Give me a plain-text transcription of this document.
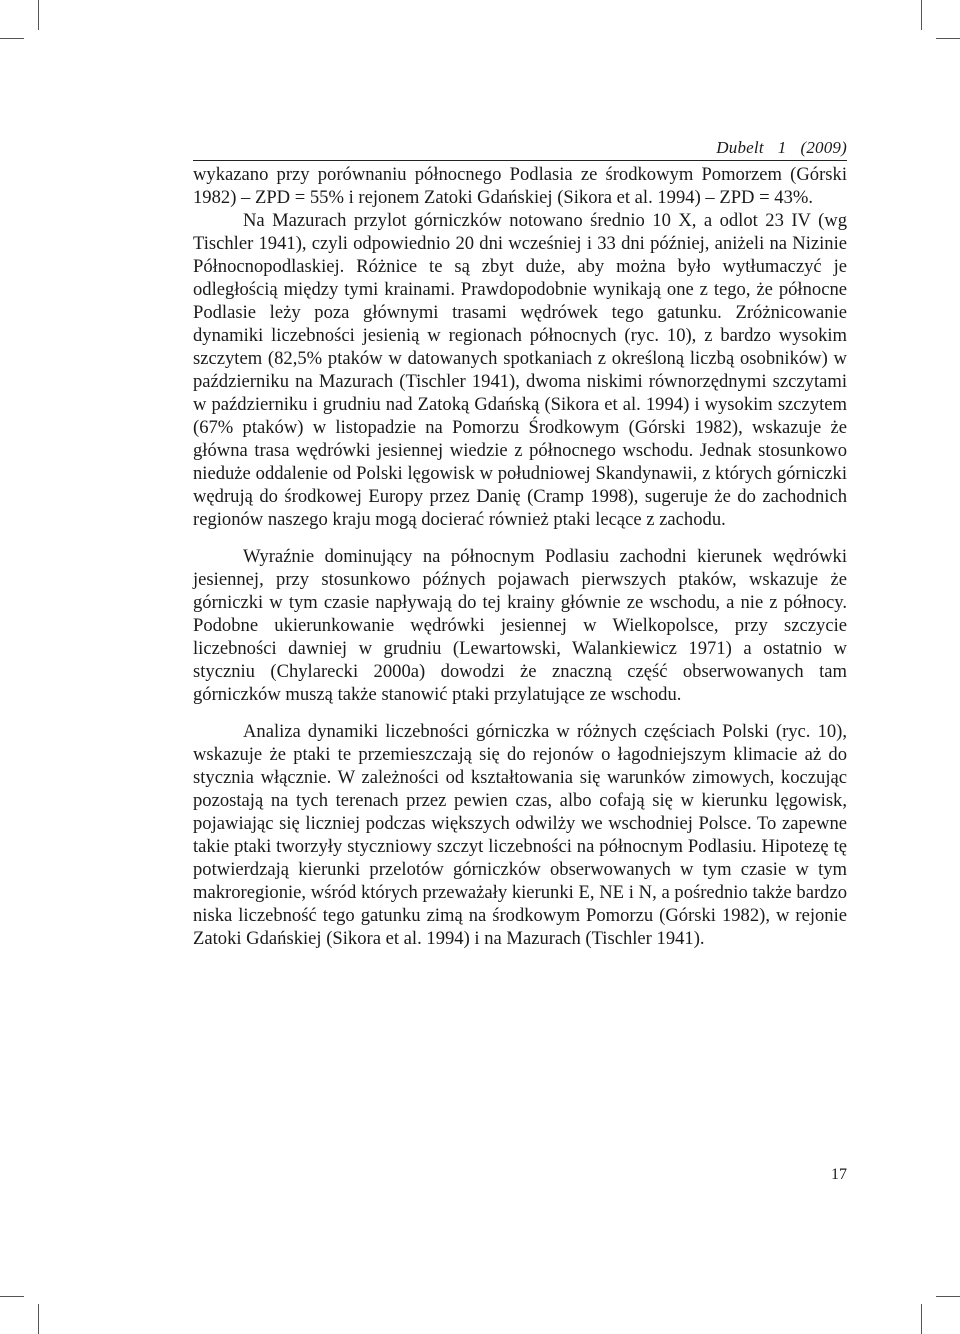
Dubelt 1 (2009)

wykazano przy porównaniu północnego Podlasia ze środkowym Pomorzem (Górski 1982) – ZPD = 55% i rejonem Zatoki Gdańskiej (Sikora et al. 1994) – ZPD = 43%.

Na Mazurach przylot górniczków notowano średnio 10 X, a odlot 23 IV (wg Tischler 1941), czyli odpowiednio 20 dni wcześniej i 33 dni później, aniżeli na Nizinie Północnopodlaskiej. Różnice te są zbyt duże, aby można było wytłumaczyć je odległością między tymi krainami. Prawdopodobnie wynikają one z tego, że północne Podlasie leży poza głównymi trasami wędrówek tego gatunku. Zróżnicowanie dynamiki liczebności jesienią w regionach północnych (ryc. 10), z bardzo wysokim szczytem (82,5% ptaków w datowanych spotkaniach z określoną liczbą osobników) w październiku na Mazurach (Tischler 1941), dwoma niskimi równorzędnymi szczytami w październiku i grudniu nad Zatoką Gdańską (Sikora et al. 1994) i wysokim szczytem (67% ptaków) w listopadzie na Pomorzu Środkowym (Górski 1982), wskazuje że główna trasa wędrówki jesiennej wiedzie z północnego wschodu. Jednak stosunkowo nieduże oddalenie od Polski lęgowisk w południowej Skandynawii, z których górniczki wędrują do środkowej Europy przez Danię (Cramp 1998), sugeruje że do zachodnich regionów naszego kraju mogą docierać również ptaki lecące z zachodu.

Wyraźnie dominujący na północnym Podlasiu zachodni kierunek wędrówki jesiennej, przy stosunkowo późnych pojawach pierwszych ptaków, wskazuje że górniczki w tym czasie napływają do tej krainy głównie ze wschodu, a nie z północy. Podobne ukierunkowanie wędrówki jesiennej w Wielkopolsce, przy szczycie liczebności dawniej w grudniu (Lewartowski, Walankiewicz 1971) a ostatnio w styczniu (Chylarecki 2000a) dowodzi że znaczną część obserwowanych tam górniczków muszą także stanowić ptaki przylatujące ze wschodu.

Analiza dynamiki liczebności górniczka w różnych częściach Polski (ryc. 10), wskazuje że ptaki te przemieszczają się do rejonów o łagodniejszym klimacie aż do stycznia włącznie. W zależności od kształtowania się warunków zimowych, koczując pozostają na tych terenach przez pewien czas, albo cofają się w kierunku lęgowisk, pojawiając się liczniej podczas większych odwilży we wschodniej Polsce. To zapewne takie ptaki tworzyły styczniowy szczyt liczebności na północnym Podlasiu. Hipotezę tę potwierdzają kierunki przelotów górniczków obserwowanych w tym czasie w tym makroregionie, wśród których przeważały kierunki E, NE i N, a pośrednio także bardzo niska liczebność tego gatunku zimą na środkowym Pomorzu (Górski 1982), w rejonie Zatoki Gdańskiej (Sikora et al. 1994) i na Mazurach (Tischler 1941).

17
